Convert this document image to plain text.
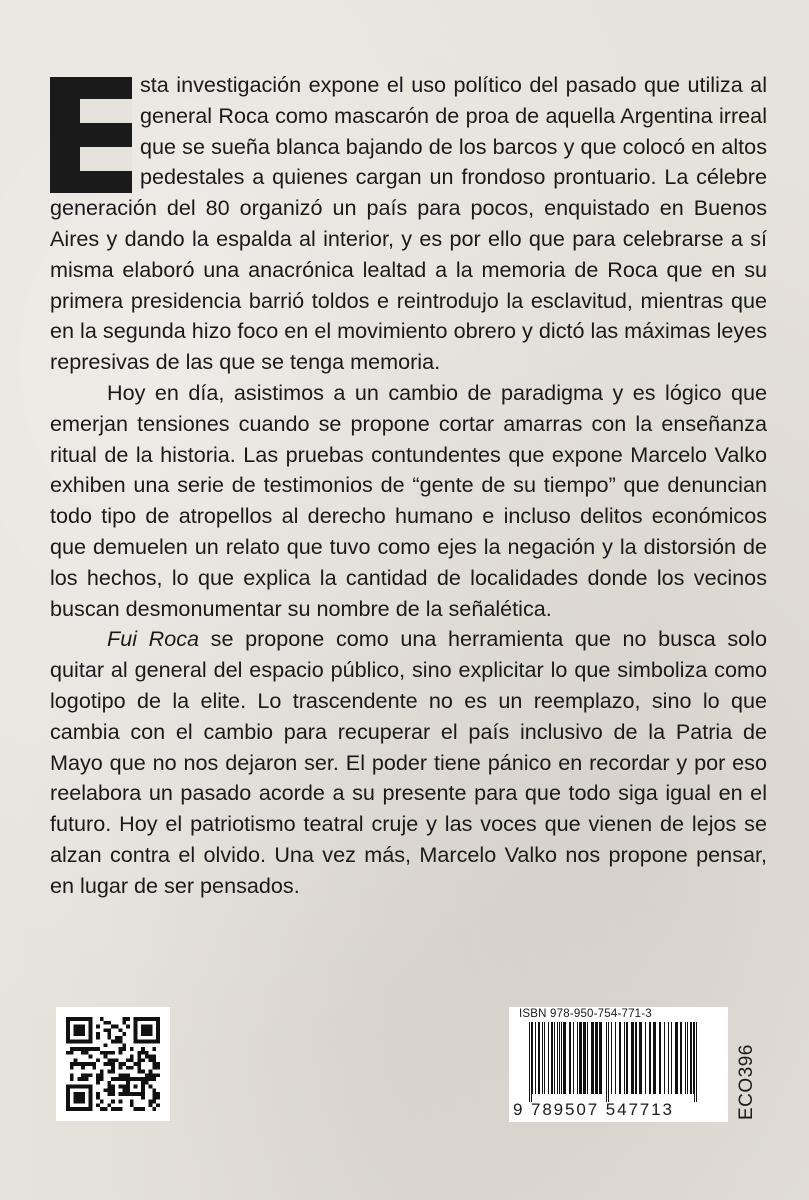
sta investigación expone el uso político del pasado que utiliza al general Roca como mascarón de proa de aquella Argentina irreal que se sueña blanca bajando de los barcos y que colocó en altos pedestales a quienes cargan un frondoso prontuario. La célebre generación del 80 organizó un país para pocos, enquistado en Buenos Aires y dando la espalda al interior, y es por ello que para celebrarse a sí misma elaboró una anacrónica lealtad a la memoria de Roca que en su primera presidencia barrió toldos e reintrodujo la esclavitud, mientras que en la segunda hizo foco en el movimiento obrero y dictó las máximas leyes represivas de las que se tenga memoria.

Hoy en día, asistimos a un cambio de paradigma y es lógico que emerjan tensiones cuando se propone cortar amarras con la enseñanza ritual de la historia. Las pruebas contundentes que expone Marcelo Valko exhiben una serie de testimonios de “gente de su tiempo” que denuncian todo tipo de atropellos al derecho humano e incluso delitos económicos que demuelen un relato que tuvo como ejes la negación y la distorsión de los hechos, lo que explica la cantidad de localidades donde los vecinos buscan desmonumentar su nombre de la señalética.

Fui Roca se propone como una herramienta que no busca solo quitar al general del espacio público, sino explicitar lo que simboliza como logotipo de la elite. Lo trascendente no es un reemplazo, sino lo que cambia con el cambio para recuperar el país inclusivo de la Patria de Mayo que no nos dejaron ser. El poder tiene pánico en recordar y por eso reelabora un pasado acorde a su presente para que todo siga igual en el futuro. Hoy el patriotismo teatral cruje y las voces que vienen de lejos se alzan contra el olvido. Una vez más, Marcelo Valko nos propone pensar, en lugar de ser pensados.

ISBN 978-950-754-771-3
9 789507 547713	ECO396
